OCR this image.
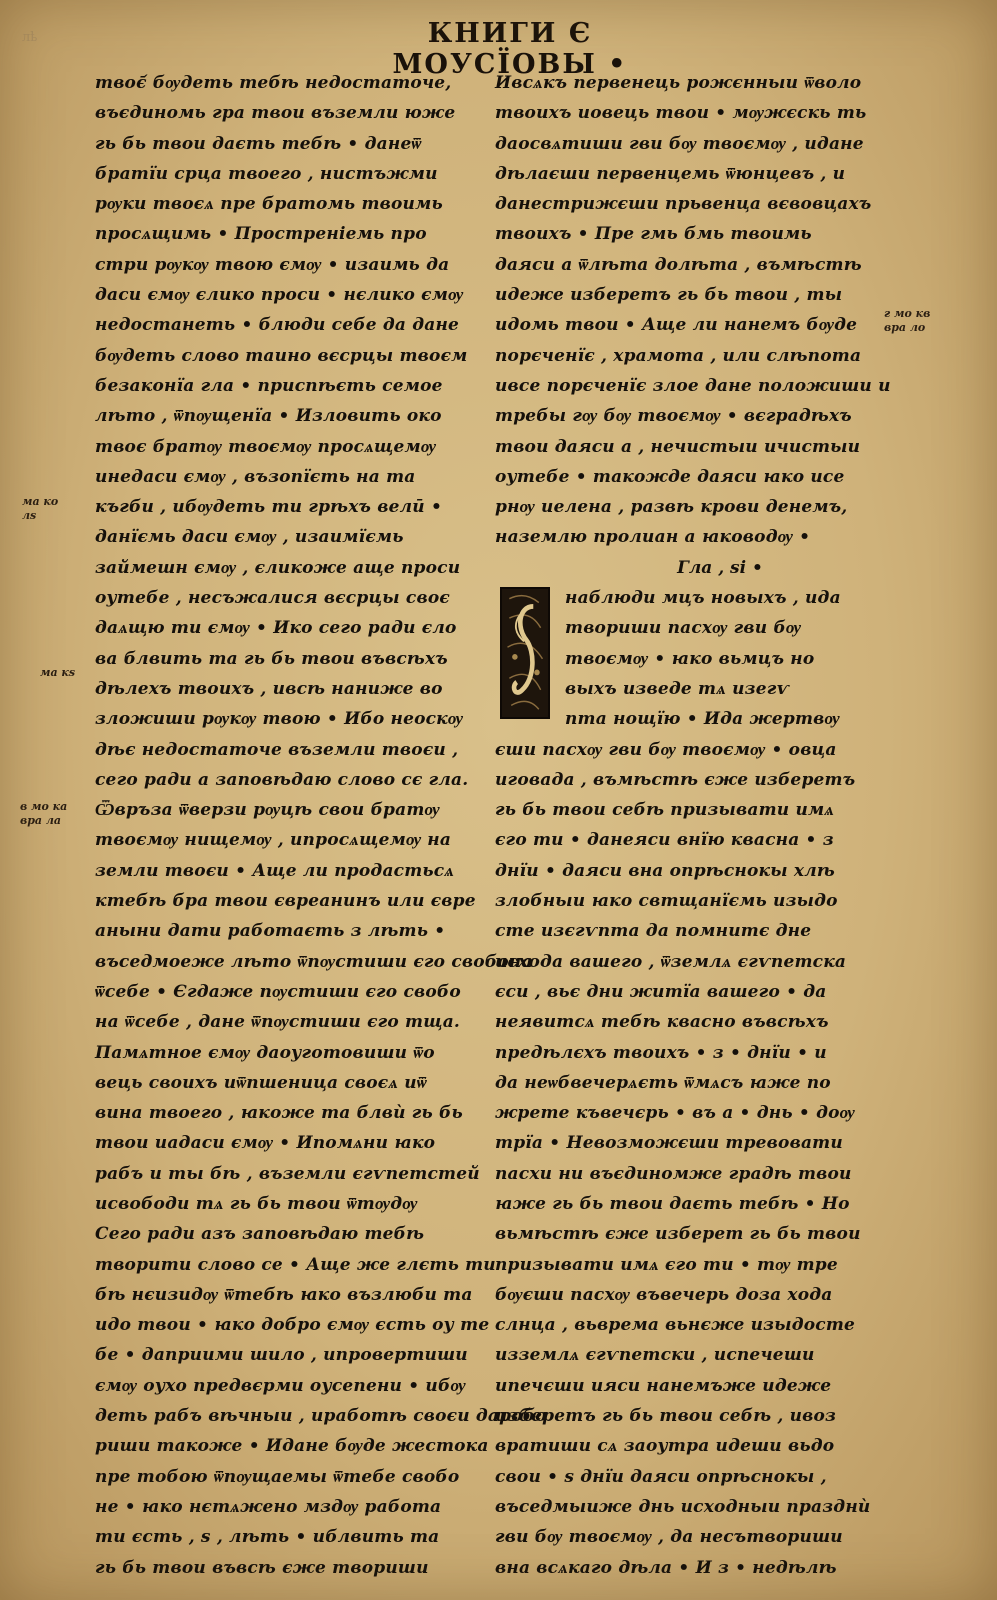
лҍ	КНИГИ Є МОУСЇОВЫ •
твоє᷄ бѹдеть тебѣ недостаточе,
въєдиномь гра твои въземли юже
гь бь твои даєть тебѣ • данеѿ
братїи срца твоего , нистъжми
рѹки твоєѧ пре братомь твоимь
просѧщимь • Простреніемь про
стри рѹкѹ твою ємѹ • изаимь да
даси ємѹ єлико проси • нєлико ємѹ
недостанеть • блюди себе да дане
бѹдеть слово таино вєсрцы твоєм
безаконїа гла • приспѣєть семое
лѣто , ѿпѹщенїа • Изловить око
твоє братѹ твоємѹ просѧщемѹ
инедаси ємѹ , възопїєть на та
къгби , ибѹдеть ти грѣхъ велӣ •
данїємь даси ємѹ , изаимїємь
займешн ємѹ , єликоже аще проси
оутебе , несъжалися вєсрцы своє
даѧщю ти ємѹ • Ико сего ради єло
ва блвить та гь бь твои въвсѣхъ
дѣлехъ твоихъ , ивсѣ наниже во
зложиши рѹкѹ твою • Ибо неоскѹ
дѣє недостаточе въземли твоєи ,
сего ради а заповѣдаю слово сє гла.
Ѿвръза ѿверзи рѹцѣ свои братѹ
твоємѹ нищемѹ , ипросѧщемѹ на
земли твоєи • Аще ли продастьсѧ
ктебѣ бра твои євреанинъ или євре
аныни дати работаєть з лѣть •
въседмоеже лѣто ѿпѹстиши єго свобона
ѿсебе • Єгдаже пѹстиши єго свобо
на ѿсебе , дане ѿпѹстиши єго тща.
Памѧтное ємѹ даоуготовиши ѿо
вець своихъ иѿпшеница своєѧ иѿ
вина твоего , ꙗкоже та блвѝ гь бь
твои иадаси ємѹ • Ипомѧни ꙗко
рабъ и ты бѣ , въземли єгѵпетстей
исвободи тѧ гь бь твои ѿтѹдѹ
Сего ради азъ заповѣдаю тебѣ
творити слово се • Аще же глєть ти
бѣ нєизидѹ ѿтебѣ ꙗко възлюби та
идо твои • ꙗко добро ємѹ єсть оу те
бе • даприими шило , ипровертиши
ємѹ оухо предвєрми оусепени • ибѹ
деть рабъ вѣчныи , иработѣ своєи даробо
риши такоже • Идане бѹде жестока
пре тобою ѿпѹщаемы ѿтебе свобо
не • ꙗко нєтѧжено мздѹ работа
ти єсть , s , лѣть • иблвить та
гь бь твои въвсѣ єже твориши
Ивсѧкъ первенець рожєнныи ѿволо
твоихъ иовець твои • мѹжєскь ть
даосвѧтиши гви бѹ твоємѹ , идане
дѣлаєши первенцемь ѿюнцевъ , и
данестрижєши прьвенца вєвовцахъ
твоихъ • Пре гмь бмь твоимь
даяси а ѿлѣта долѣта , въмѣстѣ
идеже изберетъ гь бь твои , ты
идомь твои • Аще ли нанемъ бѹде
порєченїє , храмота , или слѣпота
ивсе порєченїє злое дане положиши и
требы гѹ бѹ твоємѹ • вєградѣхъ
твои даяси а , нечистыи ичистыи
оутебе • такожде даяси ꙗко исе
рнѹ иелена , развѣ крови денемъ,
наземлю пролиан а ꙗководѹ •
Гла , si •
наблюди мцъ новыхъ , ида
твориши пасхѹ гви бѹ
твоємѹ • ꙗко вьмцъ но
выхъ изведе тѧ изегѵ
пта нощїю • Ида жертвѹ
єши пасхѹ гви бѹ твоємѹ • овца
иговада , въмѣстѣ єже изберетъ
гь бь твои себѣ призывати имѧ
єго ти • данеяси внїю квасна • з
днїи • даяси вна опрѣснокы хлѣ
злобныи ꙗко свтщанїємь изыдо
сте изєгѵпта да помнитє дне
исхода вашего , ѿземлѧ єгѵпетска
єси , вьє дни житїа вашего • да
неявитсѧ тебѣ квасно въвсѣхъ
предѣлєхъ твоихъ • з • днїи • и
да неѡбвечерѧєть ѿмѧсъ ꙗже по
жрете къвечєрь • въ а • днь • доѹ
трїа • Невозможєши тревовати
пасхи ни въєдиномже градѣ твои
ꙗже гь бь твои даєть тебѣ • Но
вьмѣстѣ єже изберет гь бь твои
призывати имѧ єго ти • тѹ тре
бѹєши пасхѹ въвечерь доза хода
слнца , вьврема вьнєже изыдосте
изземлѧ єгѵпетски , испечеши
ипечєши ияси нанемъже идеже
изберетъ гь бь твои себѣ , ивоз
вратиши сѧ заоутра идеши вьдо
свои • s днїи даяси опрѣснокы ,
въседмыиже днь исходныи празднѝ
гви бѹ твоємѹ , да несътвориши
вна всѧкаго дѣла • И з • недѣлѣ
ма ко
лѕ
ма кѕ
в мо ка
вра ла
г мо кв
вра ло
